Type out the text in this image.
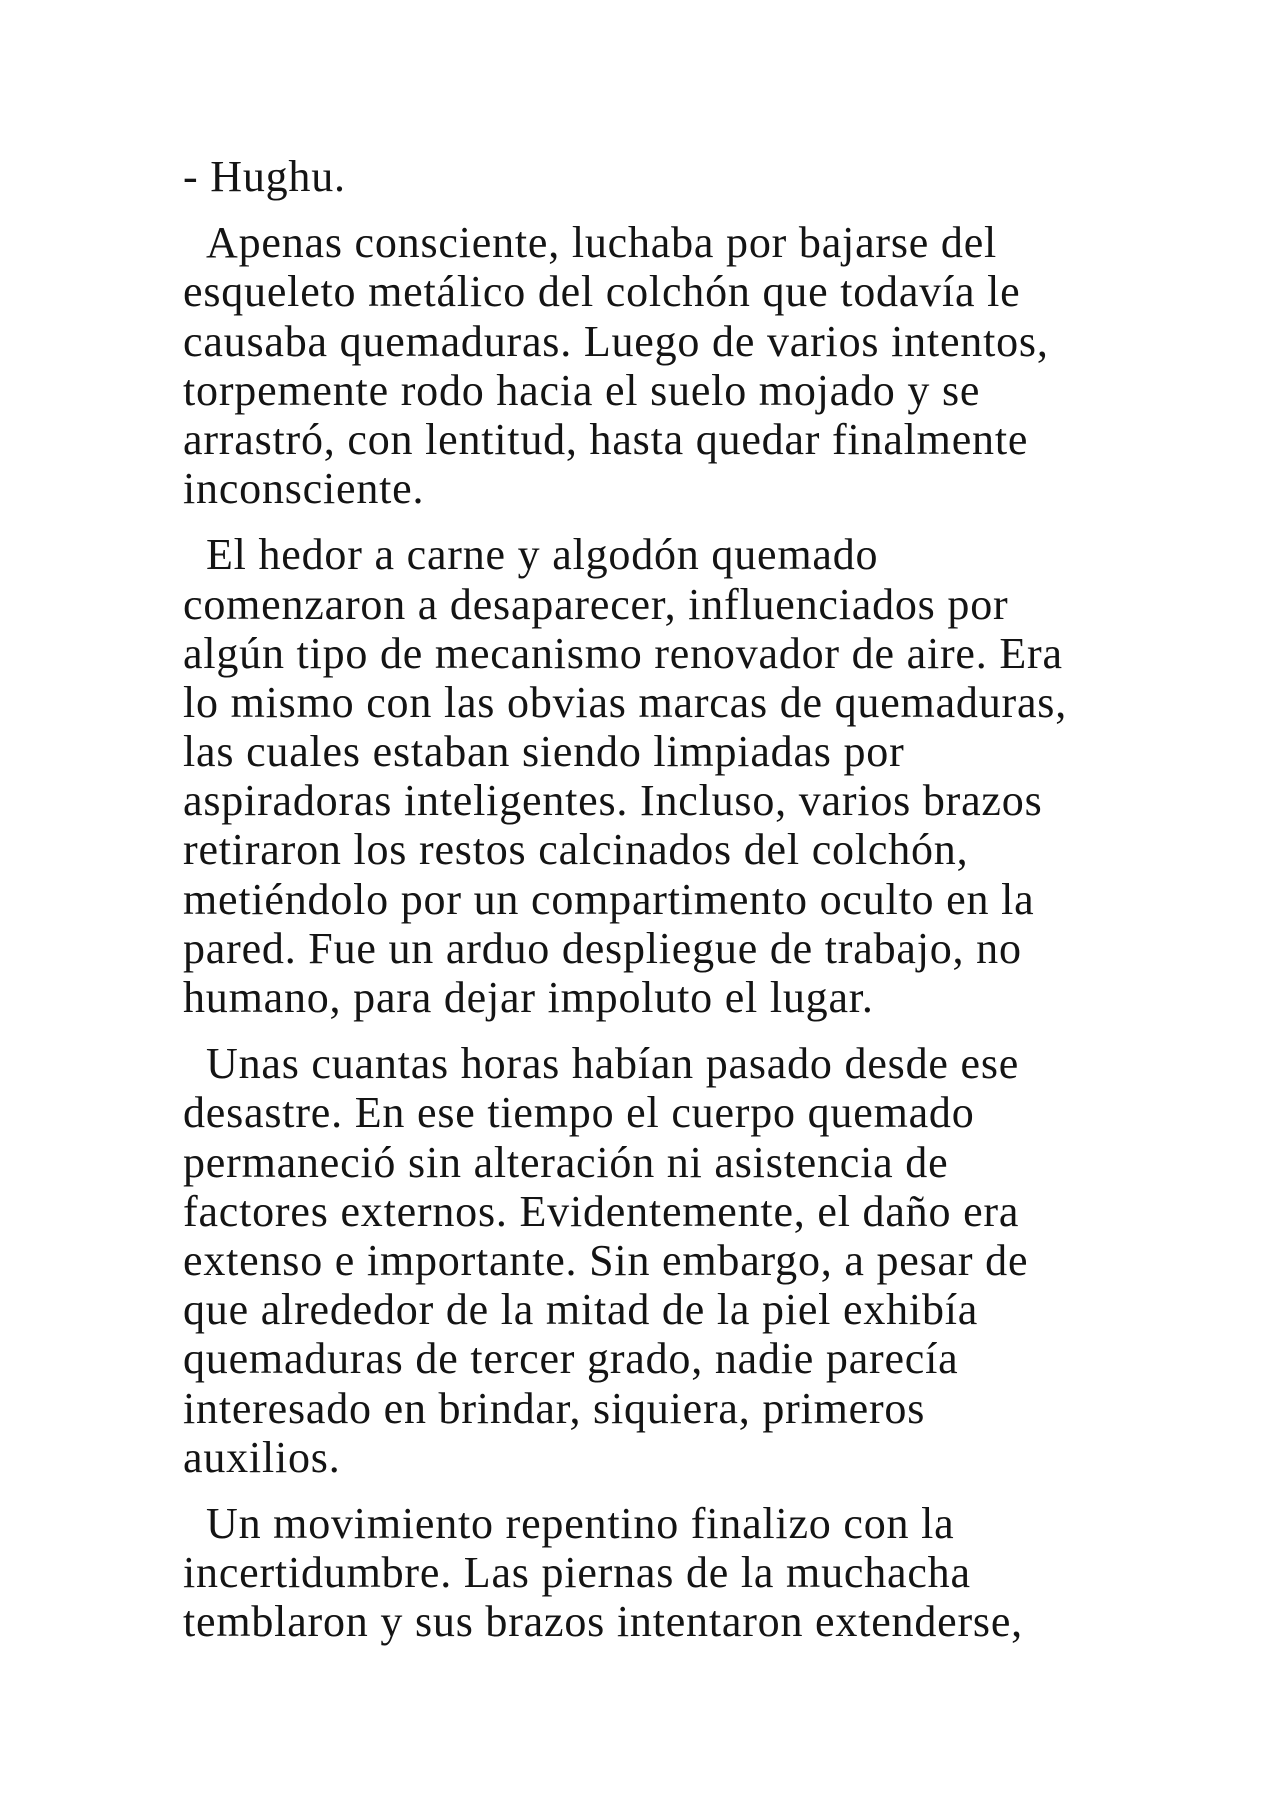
- Hughu.
Apenas consciente, luchaba por bajarse del
esqueleto metálico del colchón que todavía le
causaba quemaduras. Luego de varios intentos,
torpemente rodo hacia el suelo mojado y se
arrastró, con lentitud, hasta quedar finalmente
inconsciente.
El hedor a carne y algodón quemado
comenzaron a desaparecer, influenciados por
algún tipo de mecanismo renovador de aire. Era
lo mismo con las obvias marcas de quemaduras,
las cuales estaban siendo limpiadas por
aspiradoras inteligentes. Incluso, varios brazos
retiraron los restos calcinados del colchón,
metiéndolo por un compartimento oculto en la
pared. Fue un arduo despliegue de trabajo, no
humano, para dejar impoluto el lugar.
Unas cuantas horas habían pasado desde ese
desastre. En ese tiempo el cuerpo quemado
permaneció sin alteración ni asistencia de
factores externos. Evidentemente, el daño era
extenso e importante. Sin embargo, a pesar de
que alrededor de la mitad de la piel exhibía
quemaduras de tercer grado, nadie parecía
interesado en brindar, siquiera, primeros
auxilios.
Un movimiento repentino finalizo con la
incertidumbre. Las piernas de la muchacha
temblaron y sus brazos intentaron extenderse,
